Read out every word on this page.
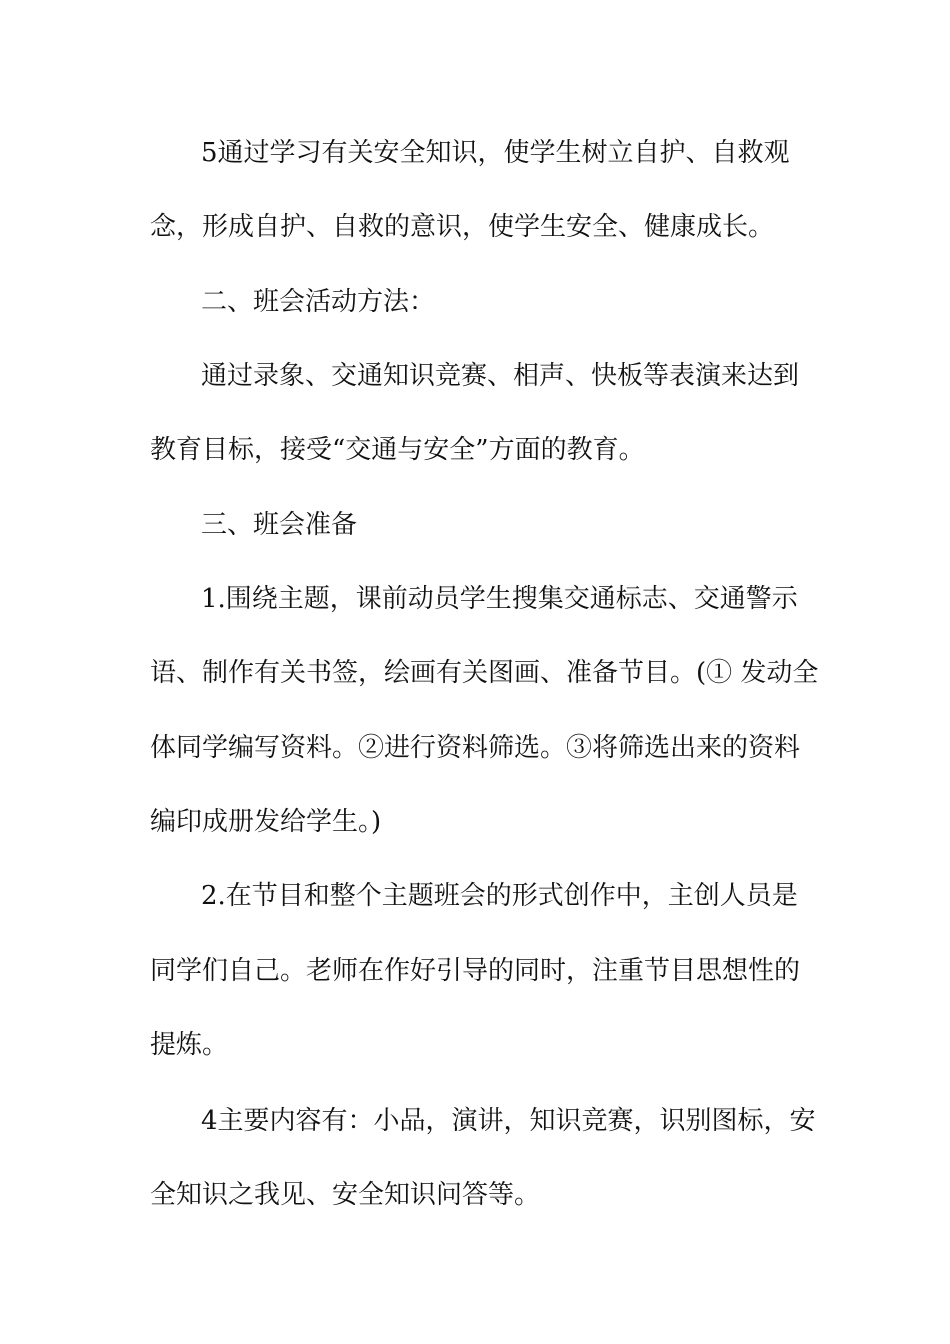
5通过学习有关安全知识，使学生树立自护、自救观
念，形成自护、自救的意识，使学生安全、健康成长。
二、班会活动方法：
通过录象、交通知识竞赛、相声、快板等表演来达到
教育目标，接受“交通与安全”方面的教育。
三、班会准备
1.围绕主题，课前动员学生搜集交通标志、交通警示
语、制作有关书签，绘画有关图画、准备节目。(① 发动全
体同学编写资料。②进行资料筛选。③将筛选出来的资料
编印成册发给学生。)
2.在节目和整个主题班会的形式创作中，主创人员是
同学们自己。老师在作好引导的同时，注重节目思想性的
提炼。
4主要内容有：小品，演讲，知识竞赛，识别图标，安
全知识之我见、安全知识问答等。
